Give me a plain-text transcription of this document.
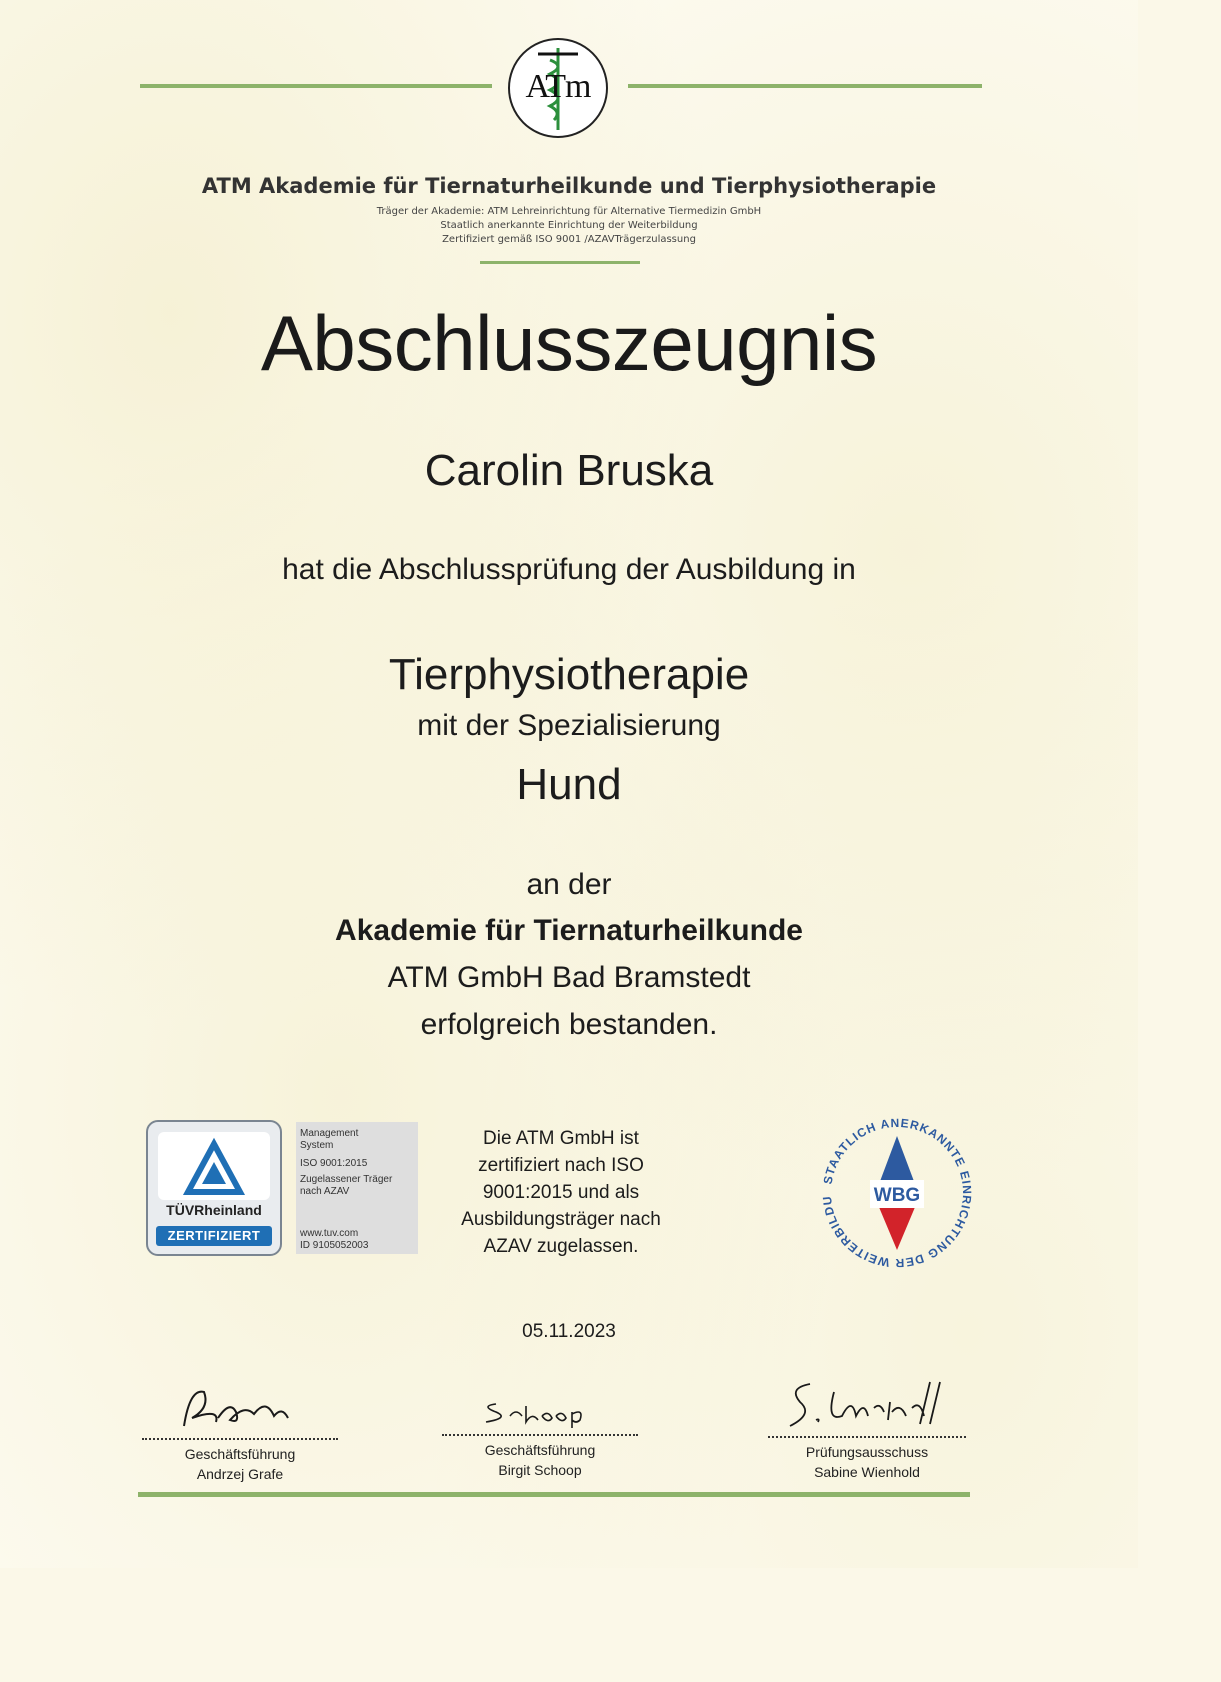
ATm
ATM Akademie für Tiernaturheilkunde und Tierphysiotherapie
Träger der Akademie: ATM Lehreinrichtung für Alternative Tiermedizin GmbH
Staatlich anerkannte Einrichtung der Weiterbildung
Zertifiziert gemäß ISO 9001 /AZAVTrägerzulassung
Abschlusszeugnis
Carolin Bruska
hat die Abschlussprüfung der Ausbildung in
Tierphysiotherapie
mit der Spezialisierung
Hund
an der
Akademie für Tiernaturheilkunde
ATM GmbH Bad Bramstedt
erfolgreich bestanden.
TÜVRheinland
ZERTIFIZIERT
Management
System
ISO 9001:2015
Zugelassener Träger
nach AZAV
www.tuv.com
ID 9105052003
Die ATM GmbH ist
zertifiziert nach ISO
9001:2015 und als
Ausbildungsträger nach
AZAV zugelassen.
STAATLICH ANERKANNTE EINRICHTUNG DER WEITERBILDU	WBG
05.11.2023
Geschäftsführung
Andrzej Grafe
Geschäftsführung
Birgit Schoop
Prüfungsausschuss
Sabine Wienhold
